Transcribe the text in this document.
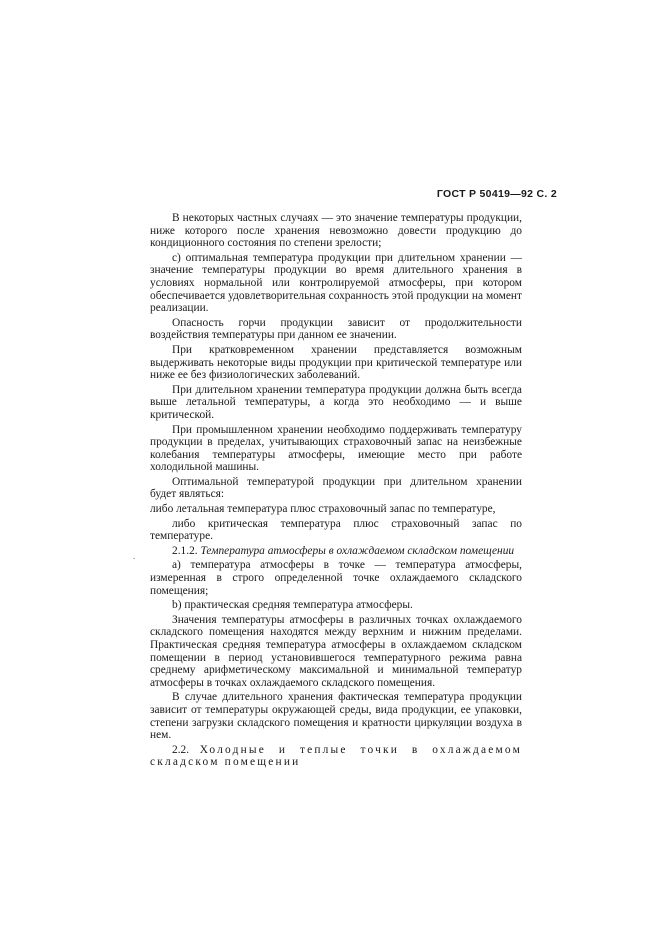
ГОСТ Р 50419—92 С. 2
.

В некоторых частных случаях — это значение температуры продукции, ниже которого после хранения невозможно довести продукцию до кондиционного состояния по степени зрелости;

с) оптимальная температура продукции при длительном хранении — значение температуры продукции во время длительного хранения в условиях нормальной или контролируемой атмосферы, при котором обеспечивается удовлетворительная сохранность этой продукции на момент реализации.

Опасность горчи продукции зависит от продолжительности воздействия температуры при данном ее значении.

При кратковременном хранении представляется возможным выдерживать некоторые виды продукции при критической температуре или ниже ее без физиологических заболеваний.

При длительном хранении температура продукции должна быть всегда выше летальной температуры, а когда это необходимо — и выше критической.

При промышленном хранении необходимо поддерживать температуру продукции в пределах, учитывающих страховочный запас на неизбежные колебания температуры атмосферы, имеющие место при работе холодильной машины.

Оптимальной температурой продукции при длительном хранении будет являться:

либо летальная температура плюс страховочный запас по температуре,

либо критическая температура плюс страховочный запас по температуре.

2.1.2. Температура атмосферы в охлаждаемом складском помещении

а) температура атмосферы в точке — температура атмосферы, измеренная в строго определенной точке охлаждаемого складского помещения;

b) практическая средняя температура атмосферы.

Значения температуры атмосферы в различных точках охлаждаемого складского помещения находятся между верхним и нижним пределами. Практическая средняя температура атмосферы в охлаждаемом складском помещении в период установившегося температурного режима равна среднему арифметическому максимальной и минимальной температур атмосферы в точках охлаждаемого складского помещения.

В случае длительного хранения фактическая температура продукции зависит от температуры окружающей среды, вида продукции, ее упаковки, степени загрузки складского помещения и кратности циркуляции воздуха в нем.

2.2. Холодные и теплые точки в охлаждаемом складском помещении
